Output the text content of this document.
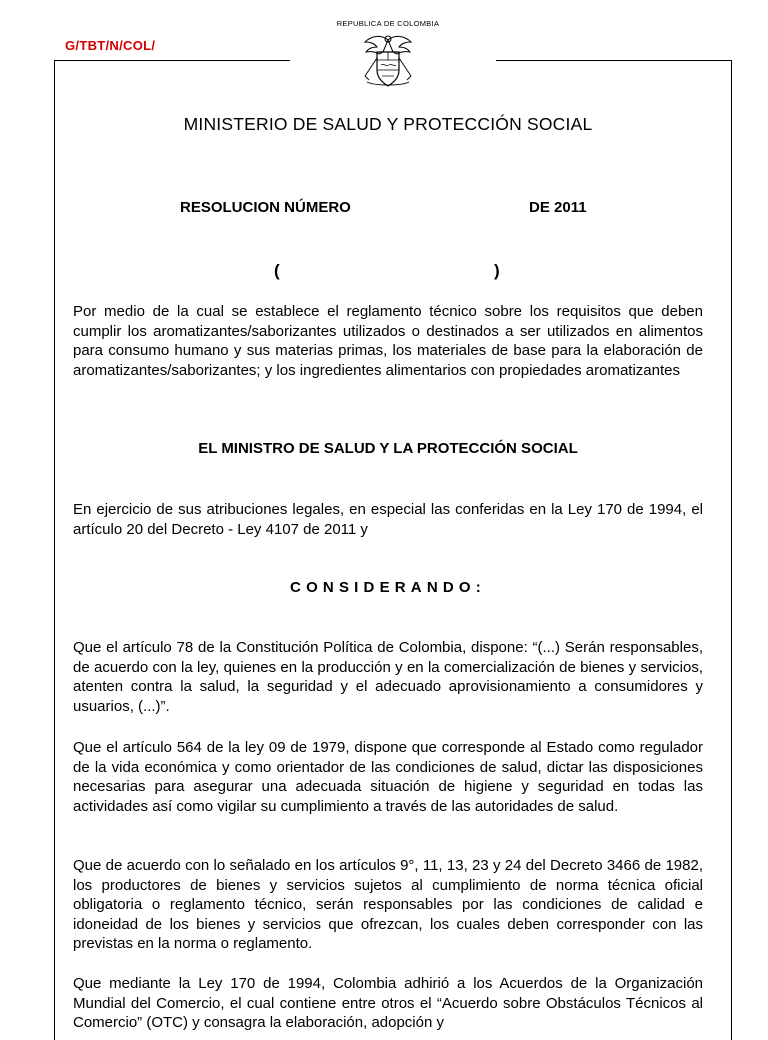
G/TBT/N/COL/
REPUBLICA DE COLOMBIA
MINISTERIO DE SALUD Y PROTECCIÓN SOCIAL
RESOLUCION NÚMERO	DE 2011
(	)
Por medio de la cual se establece el reglamento técnico sobre los requisitos que deben cumplir los aromatizantes/saborizantes utilizados o destinados a ser utilizados en alimentos para consumo humano y sus materias primas, los materiales de base para la elaboración de aromatizantes/saborizantes; y los ingredientes alimentarios con propiedades aromatizantes
EL MINISTRO DE SALUD Y LA PROTECCIÓN SOCIAL
En ejercicio de sus atribuciones legales, en especial las conferidas en la Ley 170 de 1994, el artículo 20 del Decreto - Ley 4107 de 2011 y
CONSIDERANDO:
Que el artículo 78 de la Constitución Política de Colombia, dispone: “(...) Serán responsables, de acuerdo con la ley, quienes en la producción y en la comercialización de bienes y servicios, atenten contra la salud, la seguridad y el adecuado aprovisionamiento a consumidores y usuarios, (...)”.
Que el artículo 564 de la ley 09 de 1979, dispone que corresponde al Estado como regulador de la vida económica y como orientador de las condiciones de salud, dictar las disposiciones necesarias para asegurar una adecuada situación de higiene y seguridad en todas las actividades así como vigilar su cumplimiento a través de las autoridades de salud.
Que de acuerdo con lo señalado en los artículos 9°, 11, 13, 23 y 24 del Decreto 3466 de 1982, los productores de bienes y servicios sujetos al cumplimiento de norma técnica oficial obligatoria o reglamento técnico, serán responsables por las condiciones de calidad e idoneidad de los bienes y servicios que ofrezcan, los cuales deben corresponder con las previstas en la norma o reglamento.
Que mediante la Ley 170 de 1994, Colombia adhirió a los Acuerdos de la Organización Mundial del Comercio, el cual contiene entre otros el “Acuerdo sobre Obstáculos Técnicos al Comercio” (OTC) y consagra la elaboración, adopción y
